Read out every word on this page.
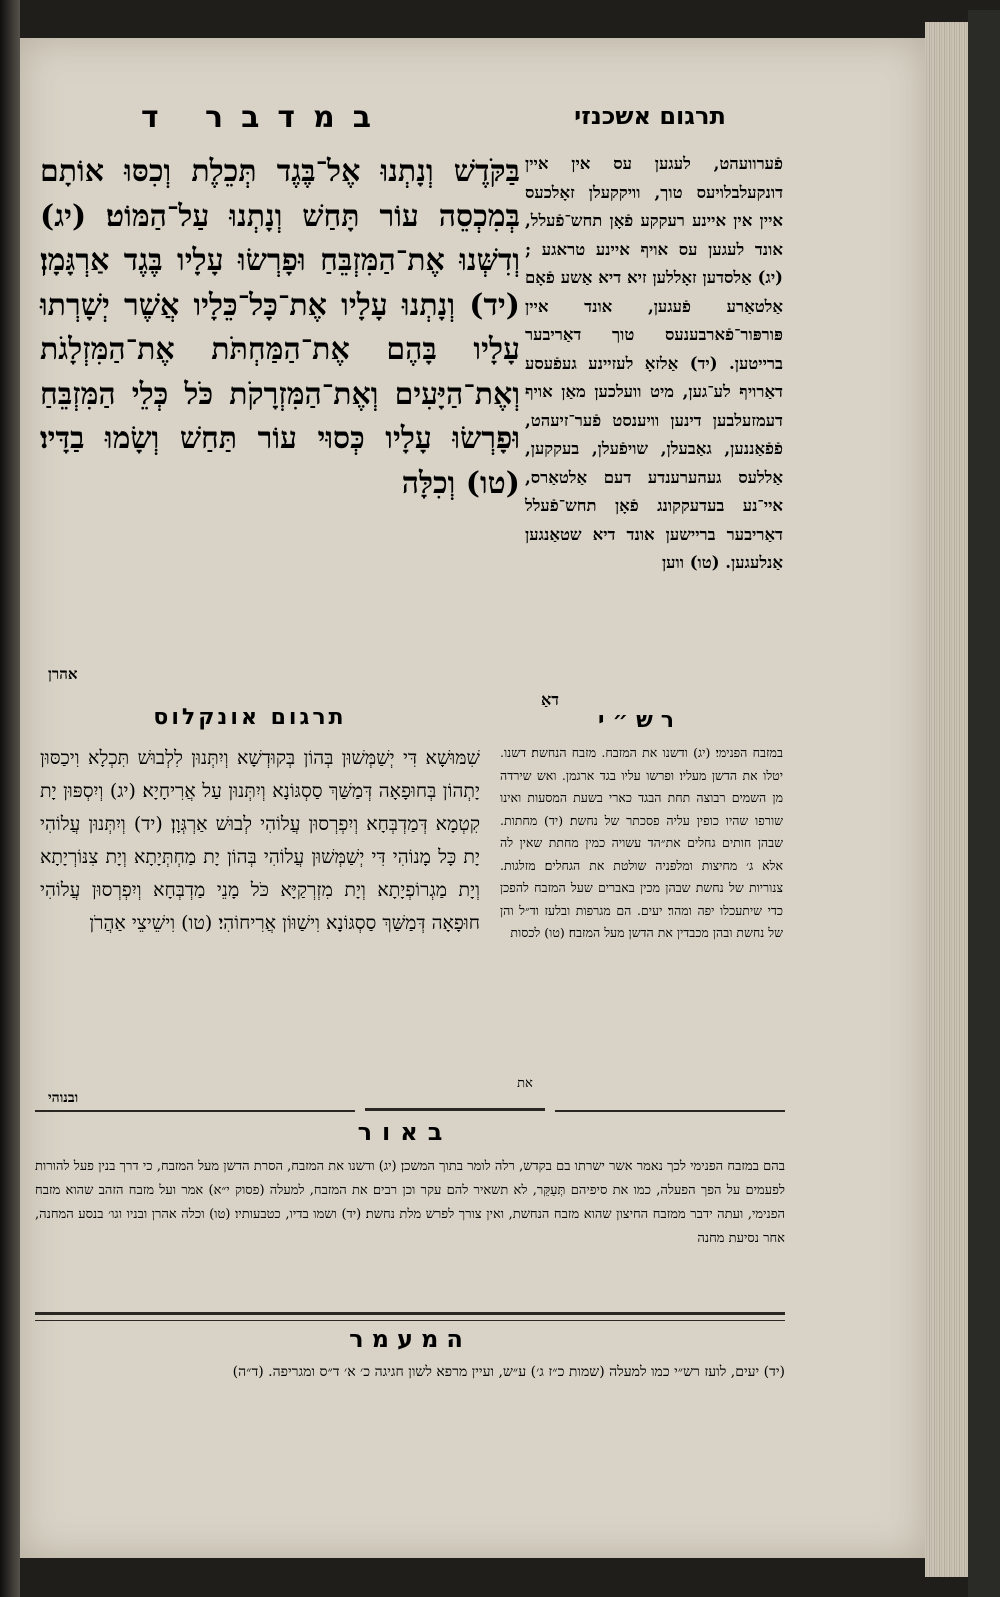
במדבר ד	תרגום אשכנזי
בַּקֹּדֶשׁ וְנָתְנוּ אֶל־בֶּגֶד תְּכֵלֶת וְכִסּוּ אוֹתָם בְּמִכְסֵה עוֹר תָּחַשׁ וְנָתְנוּ עַל־הַמּוֹט׃ (יג) וְדִשְּׁנוּ אֶת־הַמִּזְבֵּחַ וּפָרְשׂוּ עָלָיו בֶּגֶד אַרְגָּמָן׃ (יד) וְנָתְנוּ עָלָיו אֶת־כָּל־כֵּלָיו אֲשֶׁר יְשָׁרְתוּ עָלָיו בָּהֶם אֶת־הַמַּחְתֹּת אֶת־הַמִּזְלָגֹת וְאֶת־הַיָּעִים וְאֶת־הַמִּזְרָקֹת כֹּל כְּלֵי הַמִּזְבֵּחַ וּפָרְשׂוּ עָלָיו כְּסוּי עוֹר תַּחַשׁ וְשָׂמוּ בַדָּיו׃ (טו) וְכִלָּה
אהרן
פֿערוועהט, לעגען עס אין איין דונקעלבלויעס טוך, וויקקעלן זאָלכעס איין אין איינע רעקקע פֿאָן תחש־פֿעלל, אונד לעגען עס אויף איינע טראגע ; (יג) אַלסדען זאָללען זיא דיא אַשע פֿאָם אַלטאַרע פֿעגען, אונד איין פּורפּור־פֿארבענעס טוך דאַריבער ברייטען. (יד) אַלזאָ לעזיינע געפֿעסע דאַרויף לע־גען, מיט וועלכען מאַן אויף דעמזעלבען דינען וויענסט פֿער־זיעהט, פֿפֿאַננען, גאַבעלן, שויפֿעלן, בעקקען, אַללעס געהערענדע דעם אַלטאַרס, איי־נע בעדעקקונג פֿאָן תחש־פֿעלל דאַריבער בריישען אונד דיא שטאַנגען אַנלעגען. (טו) ווען
דאַ
תרגום אונקלוס
שִׁמּוּשָׁא דִּי יְשַׁמְּשׁוּן בְּהוֹן בְּקוּדְשָׁא וְיִתְּנוּן לִלְבוּשׁ תִּכְלָא וִיכַסּוּן יָתְהוֹן בְּחוּפָאָה דְּמַשַּׁךְ סַסְגּוֹנָא וְיִתְּנוּן עַל אֲרִיחָיָא׃ (יג) וְיִסְפּוּן יָת קִטְמָא דְּמַדְבְּחָא וְיִפְרְסוּן עֲלוֹהִי לְבוּשׁ אַרְגְּוָן׃ (יד) וְיִתְּנוּן עֲלוֹהִי יָת כָּל מָנוֹהִי דִּי יְשַׁמְּשׁוּן עֲלוֹהִי בְּהוֹן יָת מַחְתְּיָתָא וְיָת צִנּוֹרְיָתָא וְיָת מַגְרוֹפְיָתָא וְיָת מִזְרְקַיָּא כֹּל מָנֵי מַדְבְּחָא וְיִפְרְסוּן עֲלוֹהִי חוּפָאָה דְּמַשַּׁךְ סַסְגּוֹנָא וִישַׁוּוֹן אֲרִיחוֹהִי׃ (טו) וִישֵׁיצֵי אַהֲרֹן
ובנוהי
רש״י
במזבח הפנימי׃ (יג) ודשנו את המזבח. מזבח הנחשת׃ דשנו. יטלו את הדשן מעליו׃ ופרשו עליו בגד ארגמן. ואש שירדה מן השמים רבוצה תחת הבגד כארי בשעת המסעות ואינו שורפו שהיו כופין עליה פסכתר של נחשת׃ (יד) מחתות. שבהן חותים גחלים את״הד עשויה כמין מחתת שאין לה אלא ג׳ מחיצות ומלפניה שולטת את הגחלים׃ מזלגות. צנוריות של נחשת שבהן מכין באברים שעל המזבח להפכן כדי שיתעכלו יפה ומהר׃ יעים. הם מגרפות ובלעז וד״ל והן של נחשת ובהן מכבדין את הדשן מעל המזבח׃ (טו) לכסות
את
באור
בהם במזבח הפנימי לכך נאמר אשר ישרתו בם בקדש, רלה לומר בתוך המשכן׃ (יג) ודשנו את המזבח, הסרת הדשן מעל המזבח, כי דרך בנין פעל להורות לפעמים על הפך הפעלה, כמו את סיפיהם תְּעַקֵּר, לא תשאיר להם עקר וכן רבים׃ את המזבח, למעלה (פסוק י״א) אמר ועל מזבח הזהב שהוא מזבח הפנימי, ועתה ידבר ממזבח החיצון שהוא מזבח הנחשת, ואין צורך לפרש מלת נחשת׃ (יד) ושמו בדיו, כטבעותיו׃ (טו) וכלה אהרן ובניו וגו׳ בנסע המחנה, אחר נסיעת מחנה
המעמר
(יד) יעים, לועז רש״י כמו למעלה (שמות כ״ז ג׳) ע״ש, ועיין מרפא לשון חגיגה כ׳ א׳ ד״ס ומגריפה. (ד״ה)
